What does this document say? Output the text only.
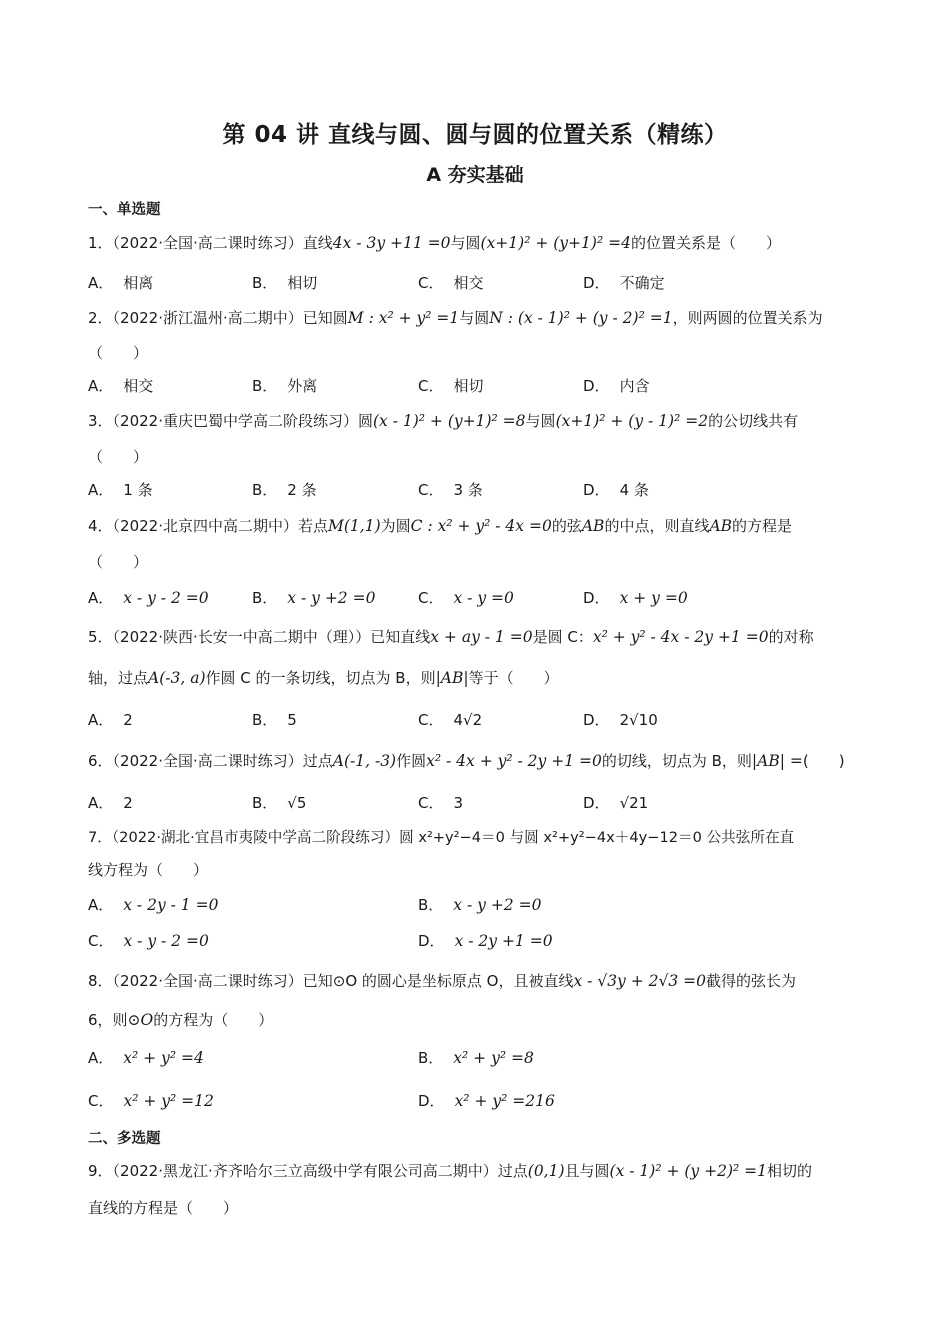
第 04 讲 直线与圆、圆与圆的位置关系（精练）
A 夯实基础
一、单选题
1．（2022·全国·高二课时练习）直线4x - 3y +11 =0与圆(x+1)² + (y+1)² =4的位置关系是（　　）
A． 相离	B． 相切	C． 相交	D． 不确定
2．（2022·浙江温州·高二期中）已知圆M : x² + y² =1与圆N : (x - 1)² + (y - 2)² =1，则两圆的位置关系为
（　　）
A． 相交	B． 外离	C． 相切	D． 内含
3．（2022·重庆巴蜀中学高二阶段练习）圆(x - 1)² + (y+1)² =8与圆(x+1)² + (y - 1)² =2的公切线共有
（　　）
A． 1 条	B． 2 条	C． 3 条	D． 4 条
4．（2022·北京四中高二期中）若点M(1,1)为圆C : x² + y² - 4x =0的弦AB的中点，则直线AB的方程是
（　　）
A． x - y - 2 =0	B． x - y +2 =0	C． x - y =0	D． x + y =0
5．（2022·陕西·长安一中高二期中（理））已知直线x + ay - 1 =0是圆 C：x² + y² - 4x - 2y +1 =0的对称
轴，过点A(-3, a)作圆 C 的一条切线，切点为 B，则|AB|等于（　　）
A． 2	B． 5	C． 4√2	D． 2√10
6．（2022·全国·高二课时练习）过点A(-1, -3)作圆x² - 4x + y² - 2y +1 =0的切线，切点为 B，则|AB| =(　　)
A． 2	B． √5	C． 3	D． √21
7．（2022·湖北·宜昌市夷陵中学高二阶段练习）圆 x²+y²−4＝0 与圆 x²+y²−4x＋4y−12＝0 公共弦所在直
线方程为（　　）
A． x - 2y - 1 =0	B． x - y +2 =0
C． x - y - 2 =0	D． x - 2y +1 =0
8．（2022·全国·高二课时练习）已知⊙O 的圆心是坐标原点 O，且被直线x - √3y + 2√3 =0截得的弦长为
6，则⊙O的方程为（　　）
A． x² + y² =4	B． x² + y² =8
C． x² + y² =12	D． x² + y² =216
二、多选题
9．（2022·黑龙江·齐齐哈尔三立高级中学有限公司高二期中）过点(0,1)且与圆(x - 1)² + (y +2)² =1相切的
直线的方程是（　　）
